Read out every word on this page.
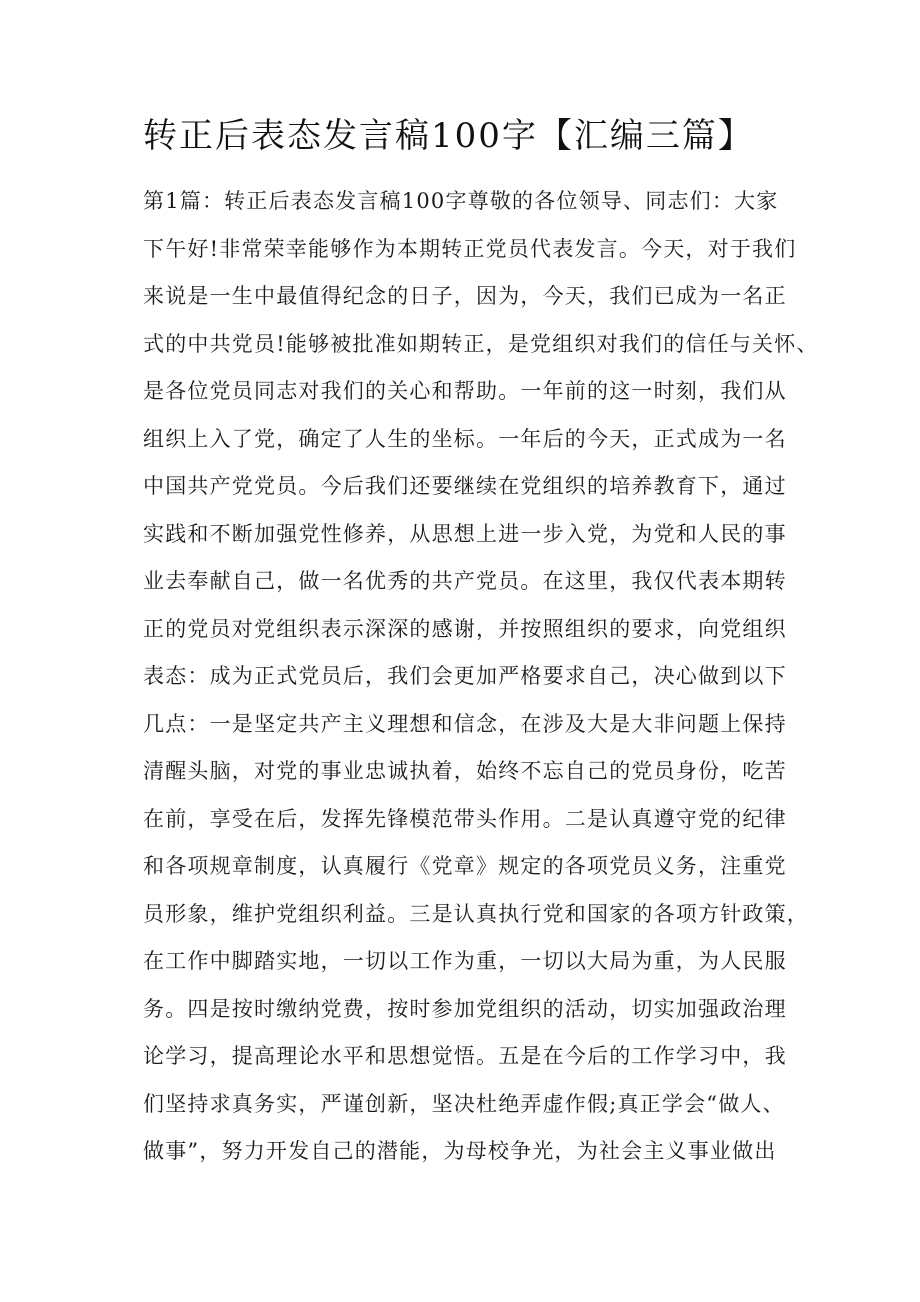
转正后表态发言稿100字【汇编三篇】
第1篇：转正后表态发言稿100字尊敬的各位领导、同志们：大家
下午好!非常荣幸能够作为本期转正党员代表发言。今天，对于我们
来说是一生中最值得纪念的日子，因为，今天，我们已成为一名正
式的中共党员!能够被批准如期转正，是党组织对我们的信任与关怀、
是各位党员同志对我们的关心和帮助。一年前的这一时刻，我们从
组织上入了党，确定了人生的坐标。一年后的今天，正式成为一名
中国共产党党员。今后我们还要继续在党组织的培养教育下，通过
实践和不断加强党性修养，从思想上进一步入党，为党和人民的事
业去奉献自己，做一名优秀的共产党员。在这里，我仅代表本期转
正的党员对党组织表示深深的感谢，并按照组织的要求，向党组织
表态：成为正式党员后，我们会更加严格要求自己，决心做到以下
几点：一是坚定共产主义理想和信念，在涉及大是大非问题上保持
清醒头脑，对党的事业忠诚执着，始终不忘自己的党员身份，吃苦
在前，享受在后，发挥先锋模范带头作用。二是认真遵守党的纪律
和各项规章制度，认真履行《党章》规定的各项党员义务，注重党
员形象，维护党组织利益。三是认真执行党和国家的各项方针政策，
在工作中脚踏实地，一切以工作为重，一切以大局为重，为人民服
务。四是按时缴纳党费，按时参加党组织的活动，切实加强政治理
论学习，提高理论水平和思想觉悟。五是在今后的工作学习中，我
们坚持求真务实，严谨创新，坚决杜绝弄虚作假;真正学会“做人、
做事”，努力开发自己的潜能，为母校争光，为社会主义事业做出
